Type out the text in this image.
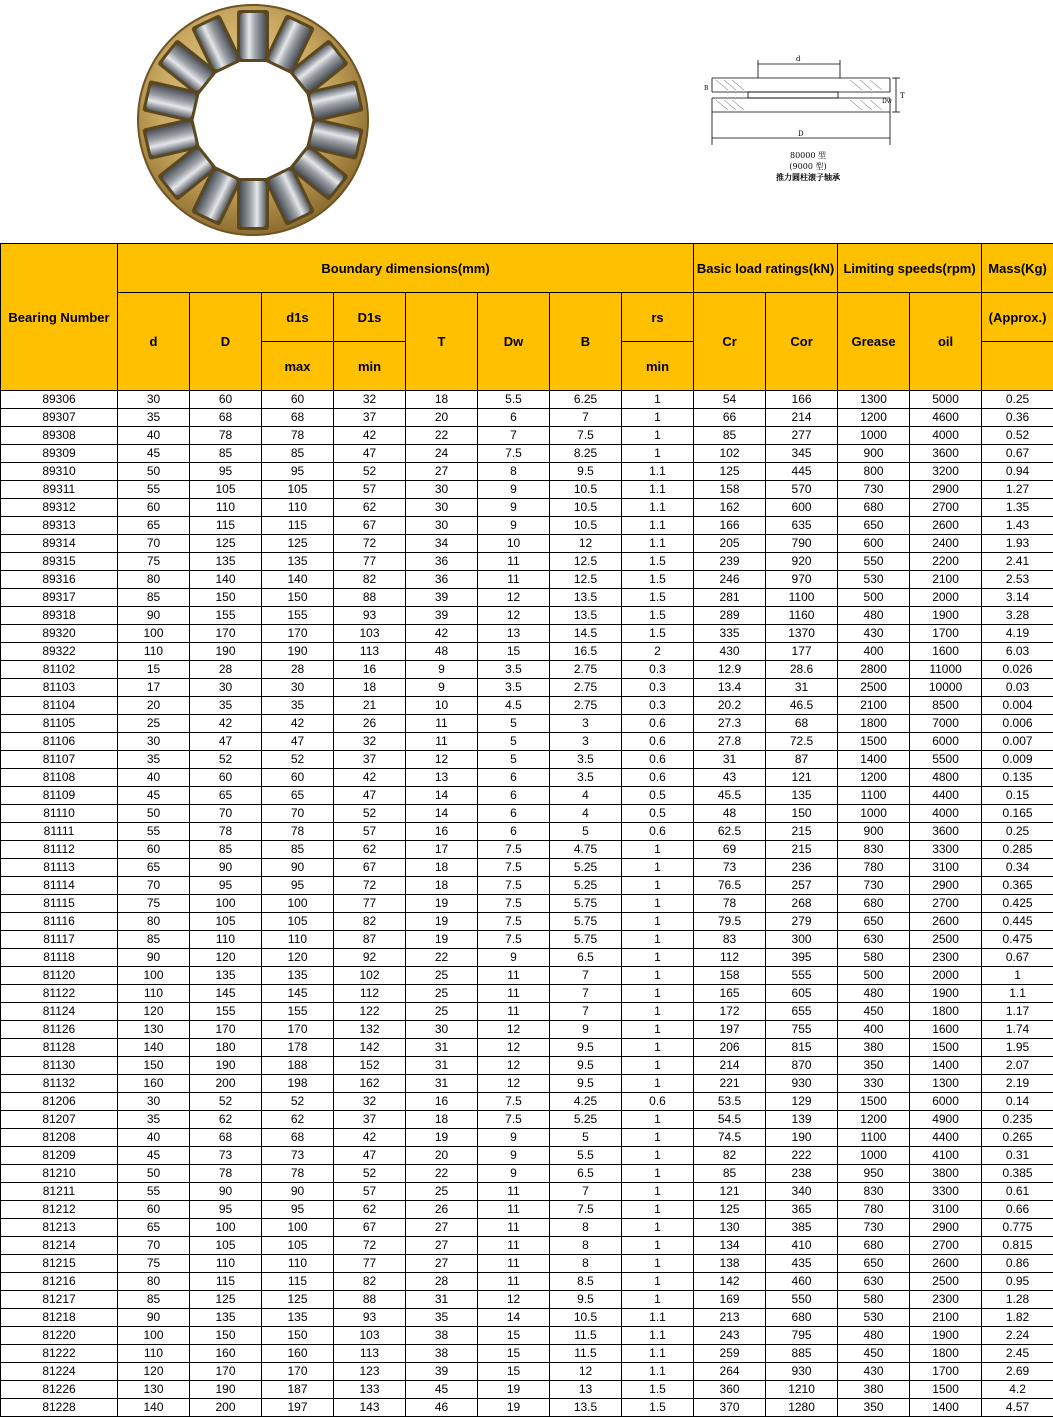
d
D
T
B
Dw
80000 型
(9000 型)
推力圆柱滚子轴承
Bearing Number	Boundary dimensions(mm)								Basic load ratings(kN)		Limiting speeds(rpm)		Mass(Kg)
	d	D	d1s	D1s	T	Dw	B	rs	Cr	Cor	Grease	oil	(Approx.)
			max	min				min					
89306	30	60	60	32	18	5.5	6.25	1	54	166	1300	5000	0.25
89307	35	68	68	37	20	6	7	1	66	214	1200	4600	0.36
89308	40	78	78	42	22	7	7.5	1	85	277	1000	4000	0.52
89309	45	85	85	47	24	7.5	8.25	1	102	345	900	3600	0.67
89310	50	95	95	52	27	8	9.5	1.1	125	445	800	3200	0.94
89311	55	105	105	57	30	9	10.5	1.1	158	570	730	2900	1.27
89312	60	110	110	62	30	9	10.5	1.1	162	600	680	2700	1.35
89313	65	115	115	67	30	9	10.5	1.1	166	635	650	2600	1.43
89314	70	125	125	72	34	10	12	1.1	205	790	600	2400	1.93
89315	75	135	135	77	36	11	12.5	1.5	239	920	550	2200	2.41
89316	80	140	140	82	36	11	12.5	1.5	246	970	530	2100	2.53
89317	85	150	150	88	39	12	13.5	1.5	281	1100	500	2000	3.14
89318	90	155	155	93	39	12	13.5	1.5	289	1160	480	1900	3.28
89320	100	170	170	103	42	13	14.5	1.5	335	1370	430	1700	4.19
89322	110	190	190	113	48	15	16.5	2	430	177	400	1600	6.03
81102	15	28	28	16	9	3.5	2.75	0.3	12.9	28.6	2800	11000	0.026
81103	17	30	30	18	9	3.5	2.75	0.3	13.4	31	2500	10000	0.03
81104	20	35	35	21	10	4.5	2.75	0.3	20.2	46.5	2100	8500	0.004
81105	25	42	42	26	11	5	3	0.6	27.3	68	1800	7000	0.006
81106	30	47	47	32	11	5	3	0.6	27.8	72.5	1500	6000	0.007
81107	35	52	52	37	12	5	3.5	0.6	31	87	1400	5500	0.009
81108	40	60	60	42	13	6	3.5	0.6	43	121	1200	4800	0.135
81109	45	65	65	47	14	6	4	0.5	45.5	135	1100	4400	0.15
81110	50	70	70	52	14	6	4	0.5	48	150	1000	4000	0.165
81111	55	78	78	57	16	6	5	0.6	62.5	215	900	3600	0.25
81112	60	85	85	62	17	7.5	4.75	1	69	215	830	3300	0.285
81113	65	90	90	67	18	7.5	5.25	1	73	236	780	3100	0.34
81114	70	95	95	72	18	7.5	5.25	1	76.5	257	730	2900	0.365
81115	75	100	100	77	19	7.5	5.75	1	78	268	680	2700	0.425
81116	80	105	105	82	19	7.5	5.75	1	79.5	279	650	2600	0.445
81117	85	110	110	87	19	7.5	5.75	1	83	300	630	2500	0.475
81118	90	120	120	92	22	9	6.5	1	112	395	580	2300	0.67
81120	100	135	135	102	25	11	7	1	158	555	500	2000	1
81122	110	145	145	112	25	11	7	1	165	605	480	1900	1.1
81124	120	155	155	122	25	11	7	1	172	655	450	1800	1.17
81126	130	170	170	132	30	12	9	1	197	755	400	1600	1.74
81128	140	180	178	142	31	12	9.5	1	206	815	380	1500	1.95
81130	150	190	188	152	31	12	9.5	1	214	870	350	1400	2.07
81132	160	200	198	162	31	12	9.5	1	221	930	330	1300	2.19
81206	30	52	52	32	16	7.5	4.25	0.6	53.5	129	1500	6000	0.14
81207	35	62	62	37	18	7.5	5.25	1	54.5	139	1200	4900	0.235
81208	40	68	68	42	19	9	5	1	74.5	190	1100	4400	0.265
81209	45	73	73	47	20	9	5.5	1	82	222	1000	4100	0.31
81210	50	78	78	52	22	9	6.5	1	85	238	950	3800	0.385
81211	55	90	90	57	25	11	7	1	121	340	830	3300	0.61
81212	60	95	95	62	26	11	7.5	1	125	365	780	3100	0.66
81213	65	100	100	67	27	11	8	1	130	385	730	2900	0.775
81214	70	105	105	72	27	11	8	1	134	410	680	2700	0.815
81215	75	110	110	77	27	11	8	1	138	435	650	2600	0.86
81216	80	115	115	82	28	11	8.5	1	142	460	630	2500	0.95
81217	85	125	125	88	31	12	9.5	1	169	550	580	2300	1.28
81218	90	135	135	93	35	14	10.5	1.1	213	680	530	2100	1.82
81220	100	150	150	103	38	15	11.5	1.1	243	795	480	1900	2.24
81222	110	160	160	113	38	15	11.5	1.1	259	885	450	1800	2.45
81224	120	170	170	123	39	15	12	1.1	264	930	430	1700	2.69
81226	130	190	187	133	45	19	13	1.5	360	1210	380	1500	4.2
81228	140	200	197	143	46	19	13.5	1.5	370	1280	350	1400	4.57
